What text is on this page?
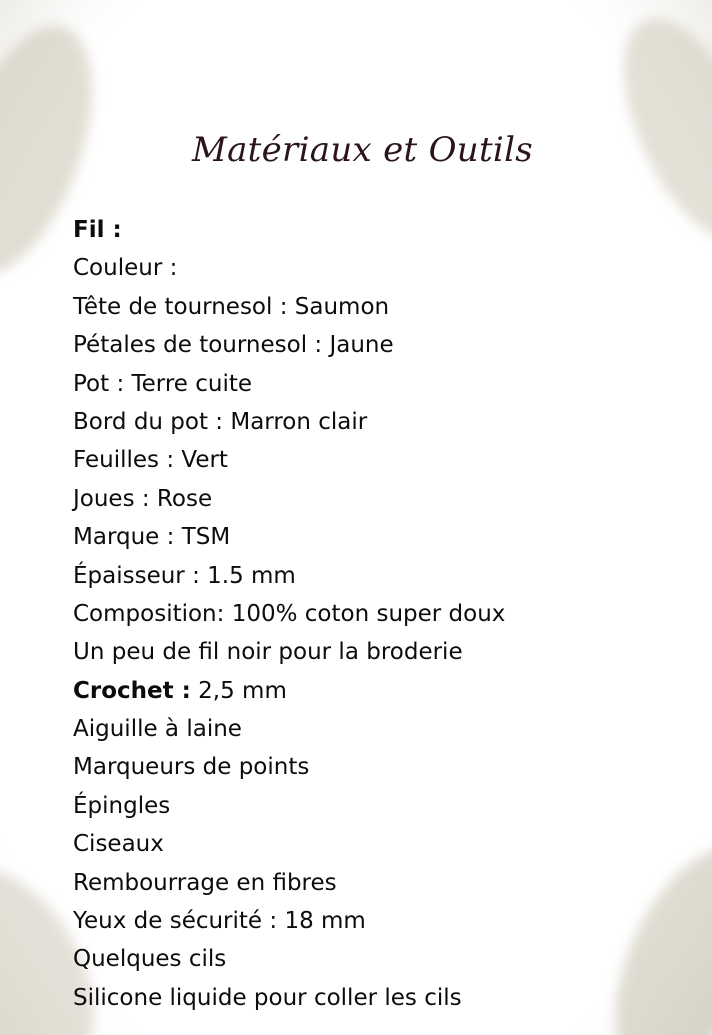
Matériaux et Outils
Fil :
Couleur :
Tête de tournesol : Saumon
Pétales de tournesol : Jaune
Pot : Terre cuite
Bord du pot : Marron clair
Feuilles : Vert
Joues : Rose
Marque : TSM
Épaisseur : 1.5 mm
Composition: 100% coton super doux
Un peu de fil noir pour la broderie
Crochet : 2,5 mm
Aiguille à laine
Marqueurs de points
Épingles
Ciseaux
Rembourrage en fibres
Yeux de sécurité : 18 mm
Quelques cils
Silicone liquide pour coller les cils
